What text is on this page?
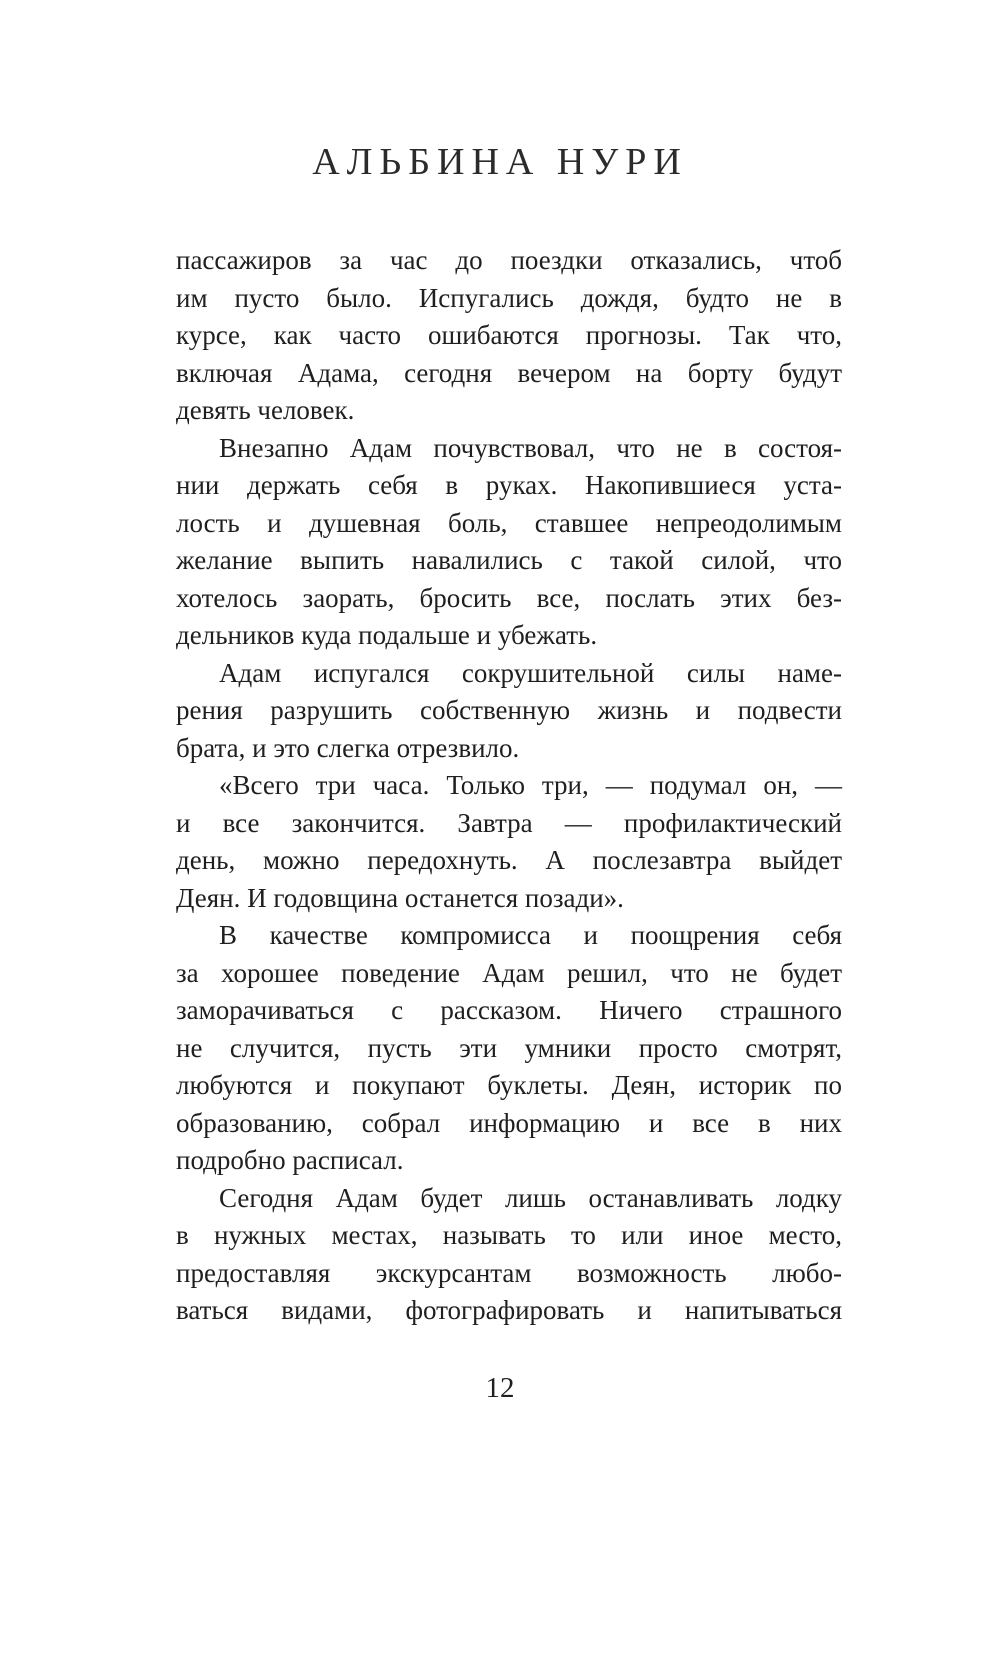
АЛЬБИНА НУРИ
пассажиров за час до поездки отказались, чтоб
им пусто было. Испугались дождя, будто не в
курсе, как часто ошибаются прогнозы. Так что,
включая Адама, сегодня вечером на борту будут
девять человек.
Внезапно Адам почувствовал, что не в состоя-
нии держать себя в руках. Накопившиеся уста-
лость и душевная боль, ставшее непреодолимым
желание выпить навалились с такой силой, что
хотелось заорать, бросить все, послать этих без-
дельников куда подальше и убежать.
Адам испугался сокрушительной силы наме-
рения разрушить собственную жизнь и подвести
брата, и это слегка отрезвило.
«Всего три часа. Только три, — подумал он, —
и все закончится. Завтра — профилактический
день, можно передохнуть. А послезавтра выйдет
Деян. И годовщина останется позади».
В качестве компромисса и поощрения себя
за хорошее поведение Адам решил, что не будет
заморачиваться с рассказом. Ничего страшного
не случится, пусть эти умники просто смотрят,
любуются и покупают буклеты. Деян, историк по
образованию, собрал информацию и все в них
подробно расписал.
Сегодня Адам будет лишь останавливать лодку
в нужных местах, называть то или иное место,
предоставляя экскурсантам возможность любо-
ваться видами, фотографировать и напитываться
12
